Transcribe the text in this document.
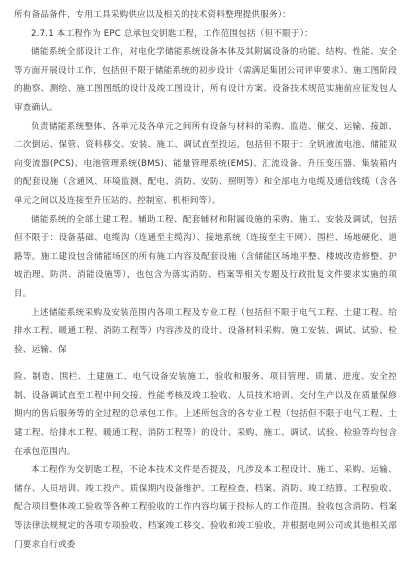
所有备品备件、专用工具采购供应以及相关的技术资料整理提供服务）：

2.7.1 本工程作为 EPC 总承包交钥匙工程，工作范围包括（但不限于）：

储能系统全部设计工作，对电化学储能系统设备本体及其附属设备的功能、结构、性能、安全等方面开展设计工作，包括但不限于储能系统的初步设计（需满足集团公司评审要求）、施工图阶段的勘察、测绘、施工图图纸的设计及竣工图设计，所有设计方案、设备技术规范实施前应征发包人审查确认。

负责储能系统整体、各单元及各单元之间所有设备与材料的采购、监造、催交、运输、接卸、二次倒运、保管、资料移交、安装、施工、调试直至投运，包括但不限于：全钒液流电池、储能双向变流器(PCS)、电池管理系统(BMS)、能量管理系统(EMS)、汇流设备、升压变压器、集装箱内的配套设施（含通风、环境监测、配电、消防、安防、照明等）和全部电力电缆及通信线缆（含各单元之间以及连接至升压站的、控制室、机柜间等）。

储能系统的全部土建工程、辅助工程、配套辅材和附属设施的采购、施工、安装及调试，包括但不限于：设备基础、电缆沟（连通至主缆沟）、接地系统（连接至主干网）、围栏、场地硬化、道路等。施工建设包含储能场区的所有施工内容及配套设施（含储能区场地平整、楼坡改造修整、护坡治理、防洪、消能设施等），也包含为落实消防、档案等相关专题及行政批复文件要求实施的项目。

上述储能系统采购及安装范围内各项工程及专业工程（包括但不限于电气工程、土建工程、给排水工程、暖通工程、消防工程等）内容涉及的设计、设备材料采购、施工安装、调试、试验、检验、运输、保

险、制造、围栏、土建施工、电气设备安装施工、验收和服务、项目管理、质量、进度、安全控制、设备调试直至工程中间交接、性能考核及竣工验收、人员技术培训、交付生产以及在质量保修期内的售后服务等的全过程的总承包工作。上述所包含的各专业工程（包括但不限于电气工程、土建工程、给排水工程、暖通工程、消防工程等）的设计、采购、施工、调试、试验、检验等均包含在承包范围内。

本工程作为交钥匙工程，不论本技术文件是否提及，凡涉及本工程设计、施工、采购、运输、储存、人员培训、竣工投产、质保期内设备维护、工程检查、档案、消防、竣工结算、工程验收、配合项目整体竣工验收等各种工程验收的工作内容均属于投标人的工作范围。验收包含消防、档案等法律法规规定的各项专项验收、档案竣工移交、验收和竣工验收，并根据电网公司或其他相关部门要求自行或委
